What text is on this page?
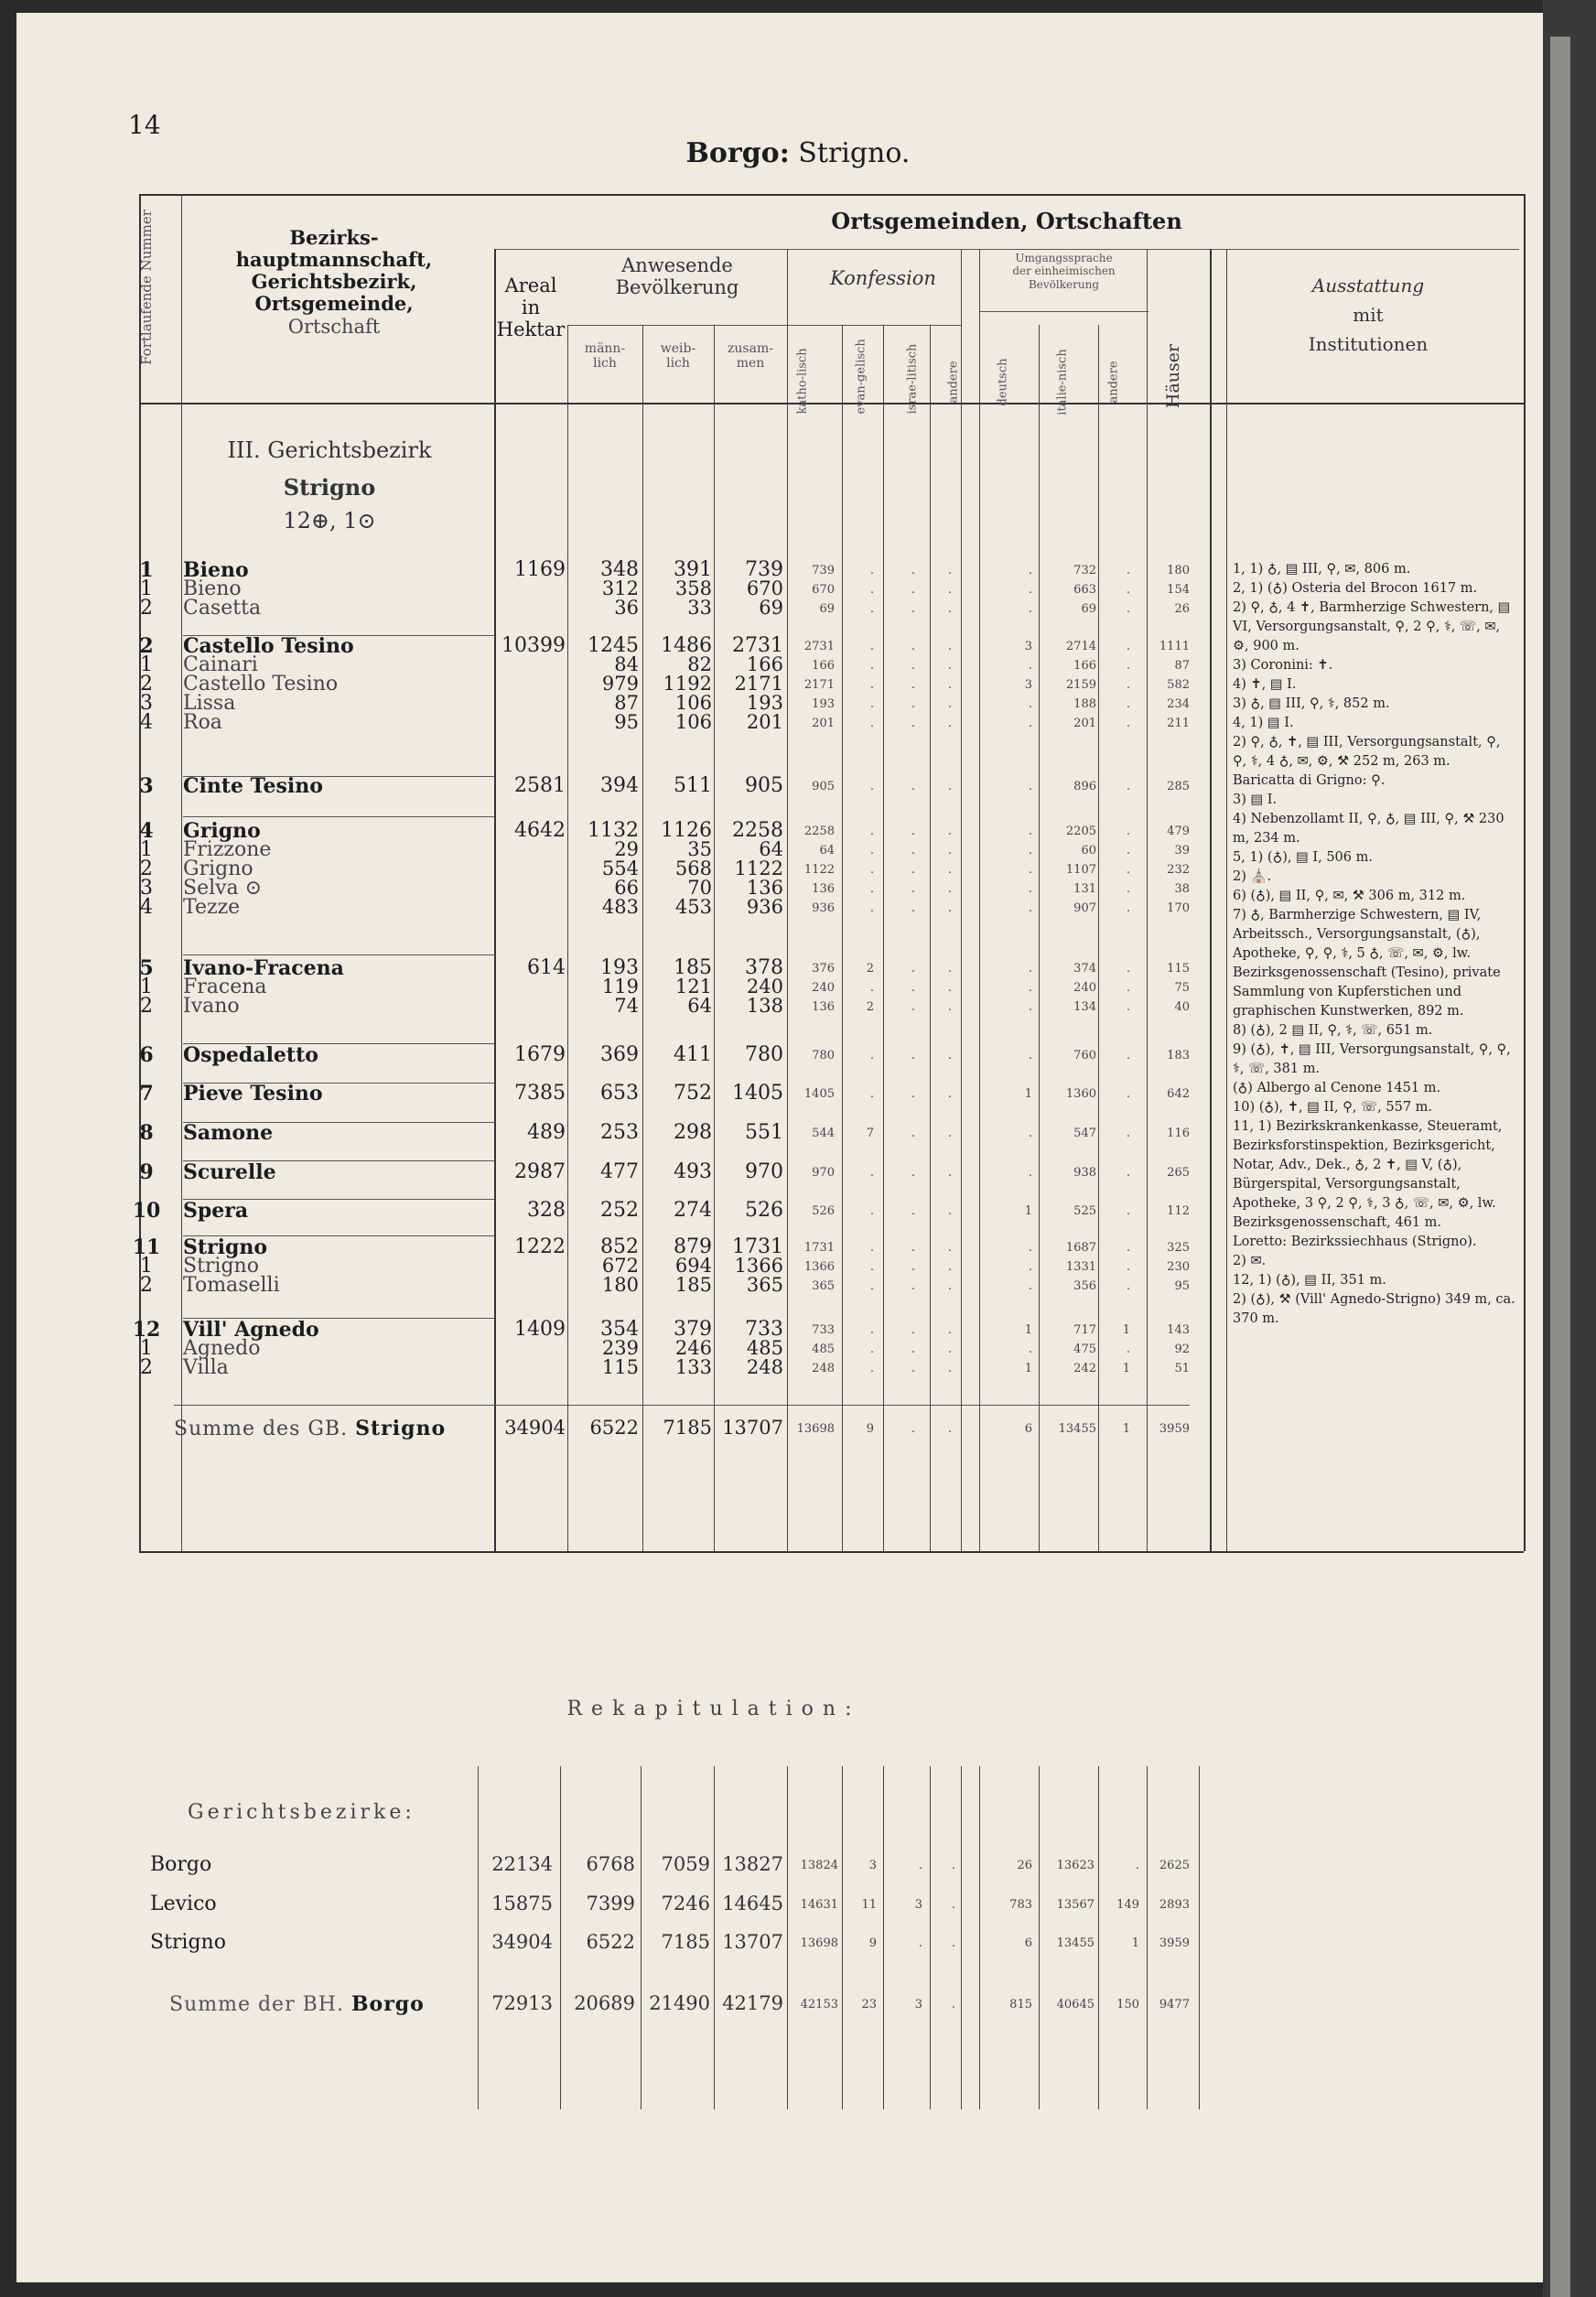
14
Borgo: Strigno.
Fortlaufende Nummer	Bezirks-
hauptmannschaft,
Gerichtsbezirk,
Ortsgemeinde,
Ortschaft
Ortsgemeinden, Ortschaften
Areal
in
Hektar
Anwesende
Bevölkerung
männ-
lich
weib-
lich
zusam-
men
Konfession
katho-lisch	evan-gelisch	israe-litisch andere
Umgangssprache
der einheimischen
Bevölkerung
deutsch	italie-nisch	andere Häuser
Ausstattung
mit
Institutionen
III. Gerichtsbezirk
Strigno
12⊕, 1⊙
1	Bieno	1169	348	391	739	739	.	.	.	.	732	.	180
1	Bieno	312	358	670	670	.	.	.	.	663	.	154
2	Casetta	36	33	69	69	.	.	.	.	69	.	26
2	Castello Tesino	10399	1245	1486	2731	2731	.	.	.	3	2714	.	1111
1	Cainari	84	82	166	166	.	.	.	.	166	.	87
2	Castello Tesino	979	1192	2171	2171	.	.	.	3	2159	.	582
3	Lissa	87	106	193	193	.	.	.	.	188	.	234
4	Roa	95	106	201	201	.	.	.	.	201	.	211
3	Cinte Tesino	2581	394	511	905	905	.	.	.	.	896	.	285
4	Grigno	4642	1132	1126	2258	2258	.	.	.	.	2205	.	479
1	Frizzone	29	35	64	64	.	.	.	.	60	.	39
2	Grigno	554	568	1122	1122	.	.	.	.	1107	.	232
3	Selva ⊙	66	70	136	136	.	.	.	.	131	.	38
4	Tezze	483	453	936	936	.	.	.	.	907	.	170
5	Ivano-Fracena	614	193	185	378	376	2	.	.	.	374	.	115
1	Fracena	119	121	240	240	.	.	.	.	240	.	75
2	Ivano	74	64	138	136	2	.	.	.	134	.	40
6	Ospedaletto	1679	369	411	780	780	.	.	.	.	760	.	183
7	Pieve Tesino	7385	653	752	1405	1405	.	.	.	1	1360	.	642
8	Samone	489	253	298	551	544	7	.	.	.	547	.	116
9	Scurelle	2987	477	493	970	970	.	.	.	.	938	.	265
10 Spera	328	252	274	526	526	.	.	.	1	525	.	112
11 Strigno	1222	852	879	1731	1731	.	.	.	.	1687	.	325
1	Strigno	672	694	1366	1366	.	.	.	.	1331	.	230
2	Tomaselli	180	185	365	365	.	.	.	.	356	.	95
12 Vill' Agnedo	1409	354	379	733	733	.	.	.	1	717	1	143
1	Agnedo	239	246	485	485	.	.	.	.	475	.	92
2	Villa	115	133	248	248	.	.	.	1	242	1	51
Summe des GB. Strigno	34904	6522	7185 13707	13698	9	.	.	6	13455	1	3959
1, 1) ♁, ▤ III, ⚲, ✉, 806 m.
2, 1) (♁) Osteria del Brocon 1617 m.
2) ⚲, ♁, 4 ✝, Barmherzige Schwestern, ▤ VI, Versorgungsanstalt, ⚲, 2 ⚲, ⚕, ☏, ✉, ⚙, 900 m.
3) Coronini: ✝.
4) ✝, ▤ I.
3) ♁, ▤ III, ⚲, ⚕, 852 m.
4, 1) ▤ I.
2) ⚲, ♁, ✝, ▤ III, Versorgungsanstalt, ⚲, ⚲, ⚕, 4 ♁, ✉, ⚙, ⚒ 252 m, 263 m.
Baricatta di Grigno: ⚲.
3) ▤ I.
4) Nebenzollamt II, ⚲, ♁, ▤ III, ⚲, ⚒ 230 m, 234 m.
5, 1) (♁), ▤ I, 506 m.
2) ⛪.
6) (♁), ▤ II, ⚲, ✉, ⚒ 306 m, 312 m.
7) ♁, Barmherzige Schwestern, ▤ IV, Arbeitssch., Versorgungsanstalt, (♁), Apotheke, ⚲, ⚲, ⚕, 5 ♁, ☏, ✉, ⚙, lw. Bezirksgenossenschaft (Tesino), private Sammlung von Kupferstichen und graphischen Kunstwerken, 892 m.
8) (♁), 2 ▤ II, ⚲, ⚕, ☏, 651 m.
9) (♁), ✝, ▤ III, Versorgungsanstalt, ⚲, ⚲, ⚕, ☏, 381 m.
(♁) Albergo al Cenone 1451 m.
10) (♁), ✝, ▤ II, ⚲, ☏, 557 m.
11, 1) Bezirkskrankenkasse, Steueramt, Bezirksforstinspektion, Bezirksgericht, Notar, Adv., Dek., ♁, 2 ✝, ▤ V, (♁), Bürgerspital, Versorgungsanstalt, Apotheke, 3 ⚲, 2 ⚲, ⚕, 3 ♁, ☏, ✉, ⚙, lw. Bezirksgenossenschaft, 461 m.
Loretto: Bezirkssiechhaus (Strigno).
2) ✉.
12, 1) (♁), ▤ II, 351 m.
2) (♁), ⚒ (Vill' Agnedo-Strigno) 349 m, ca. 370 m.
Rekapitulation:
Gerichtsbezirke:
Borgo	22134	6768	7059 13827	13824	3	.	.	26	13623	.	2625
Levico	15875	7399	7246 14645	14631	11	3	.	783	13567	149	2893
Strigno	34904	6522	7185 13707	13698	9	.	.	6	13455	1	3959
Summe der BH. Borgo	72913	20689 21490 42179	42153	23	3	.	815	40645	150	9477
